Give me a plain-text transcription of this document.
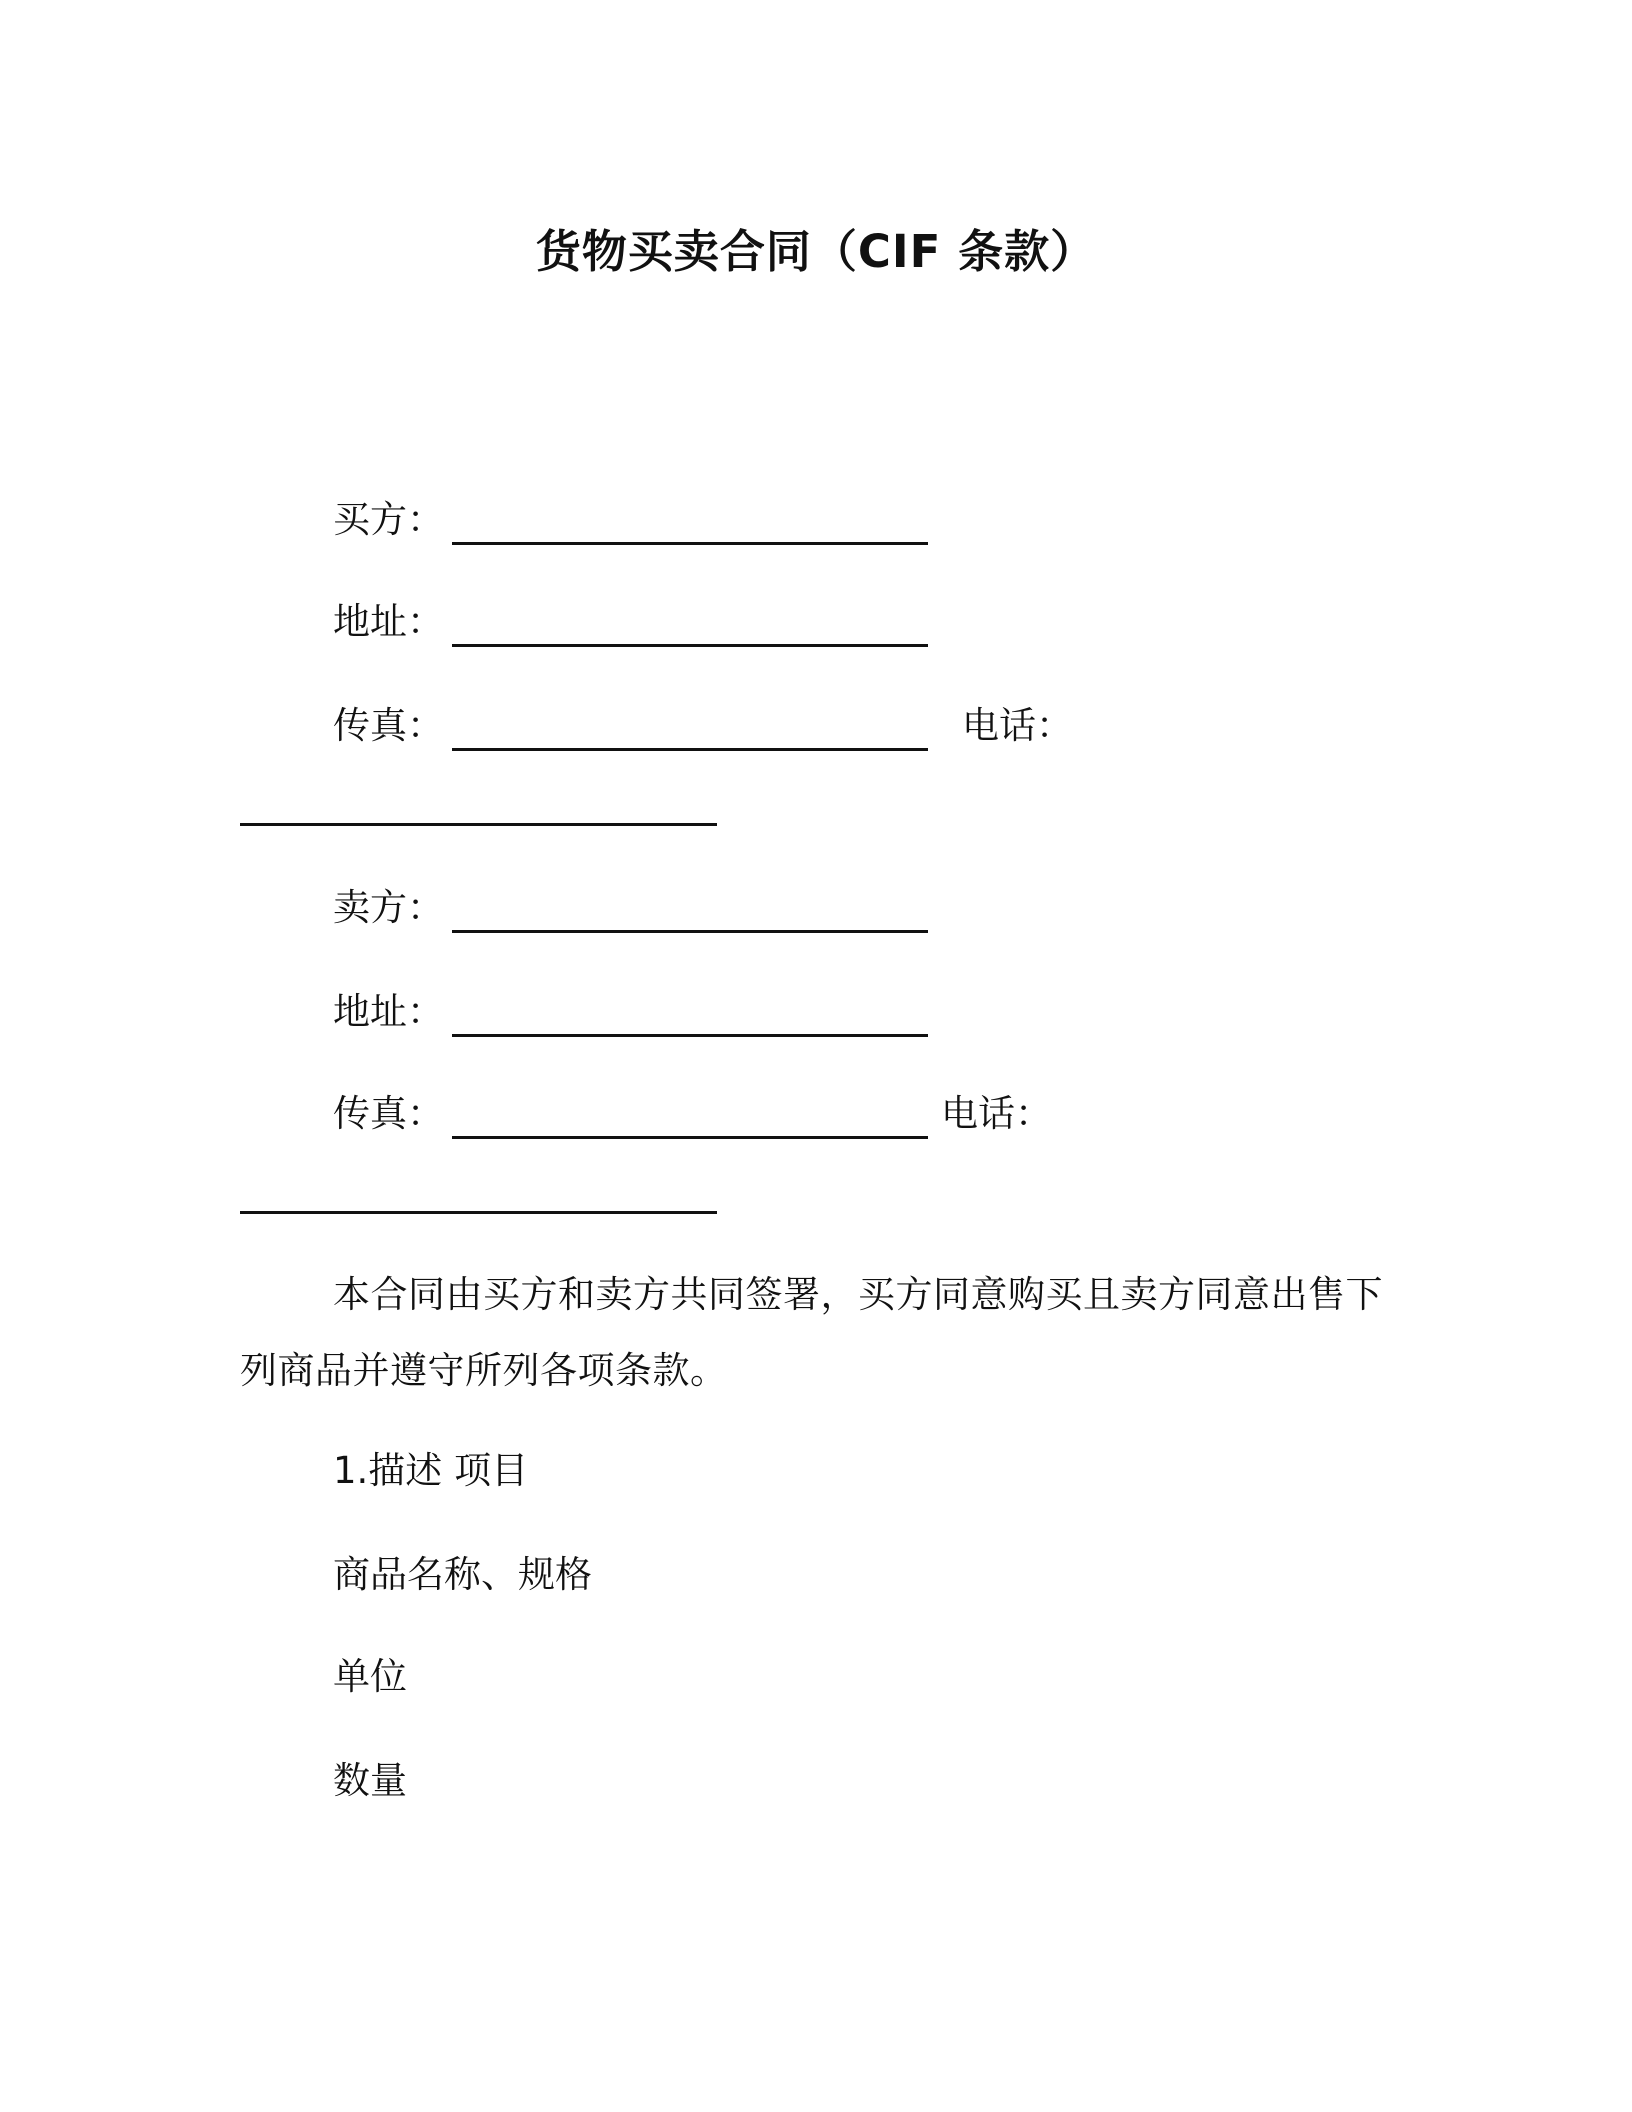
货物买卖合同（CIF 条款）
买方：
地址：
传真：	电话：
卖方：
地址：
传真：	电话：
本合同由买方和卖方共同签署，买方同意购买且卖方同意出售下列商品并遵守所列各项条款。
1.描述 项目
商品名称、规格
单位
数量
